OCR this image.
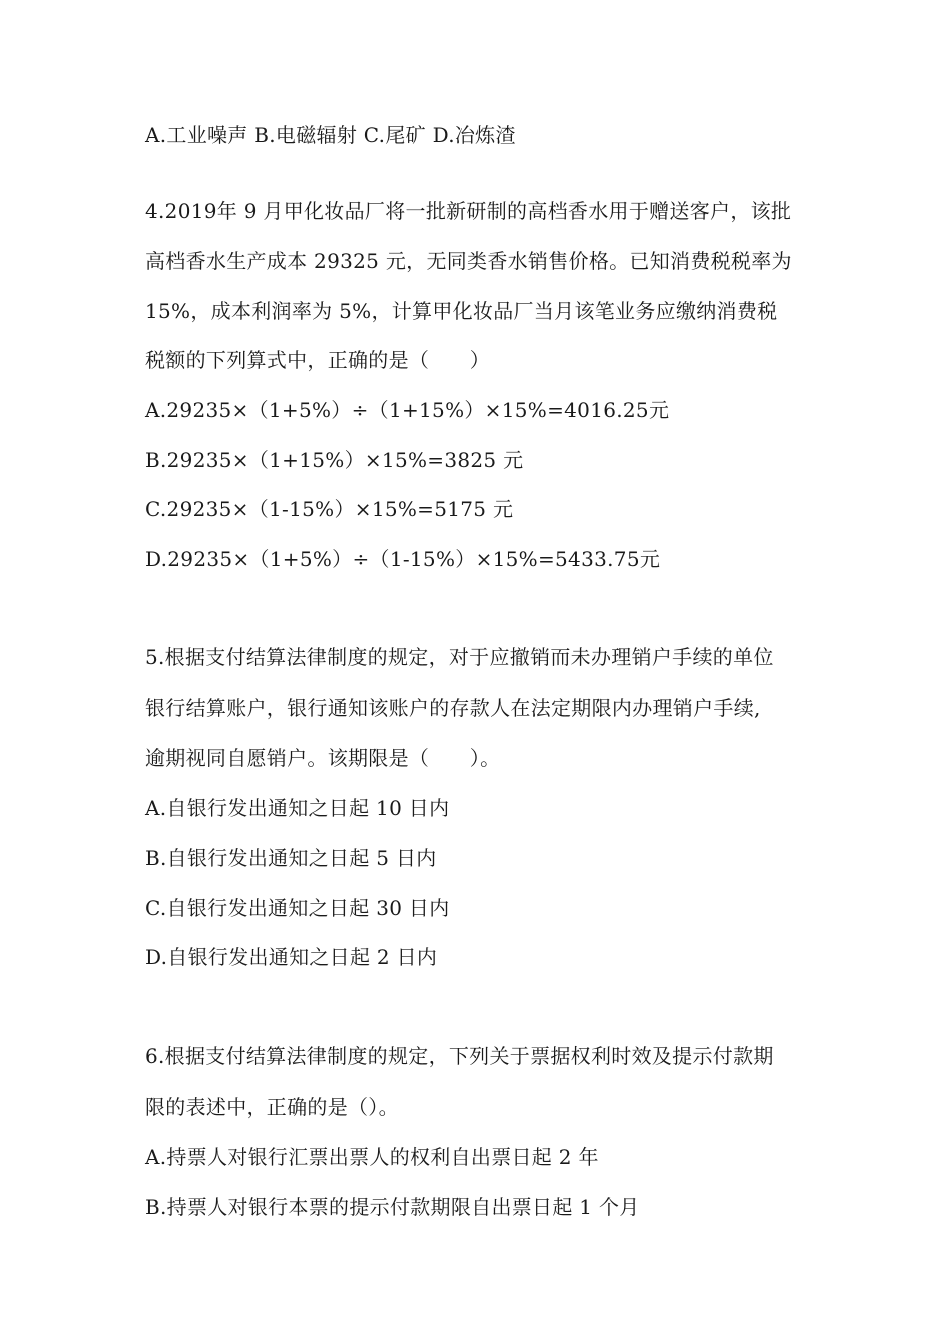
A.工业噪声 B.电磁辐射 C.尾矿 D.冶炼渣
4.2019年 9 月甲化妆品厂将一批新研制的高档香水用于赠送客户，该批
高档香水生产成本 29325 元，无同类香水销售价格。已知消费税税率为
15%，成本利润率为 5%，计算甲化妆品厂当月该笔业务应缴纳消费税
税额的下列算式中，正确的是（　　）
A.29235×（1+5%）÷（1+15%）×15%=4016.25元
B.29235×（1+15%）×15%=3825 元
C.29235×（1-15%）×15%=5175 元
D.29235×（1+5%）÷（1-15%）×15%=5433.75元
5.根据支付结算法律制度的规定，对于应撤销而未办理销户手续的单位
银行结算账户，银行通知该账户的存款人在法定期限内办理销户手续,
逾期视同自愿销户。该期限是（　　）。
A.自银行发出通知之日起 10 日内
B.自银行发出通知之日起 5 日内
C.自银行发出通知之日起 30 日内
D.自银行发出通知之日起 2 日内
6.根据支付结算法律制度的规定，下列关于票据权利时效及提示付款期
限的表述中，正确的是（）。
A.持票人对银行汇票出票人的权利自出票日起 2 年
B.持票人对银行本票的提示付款期限自出票日起 1 个月
